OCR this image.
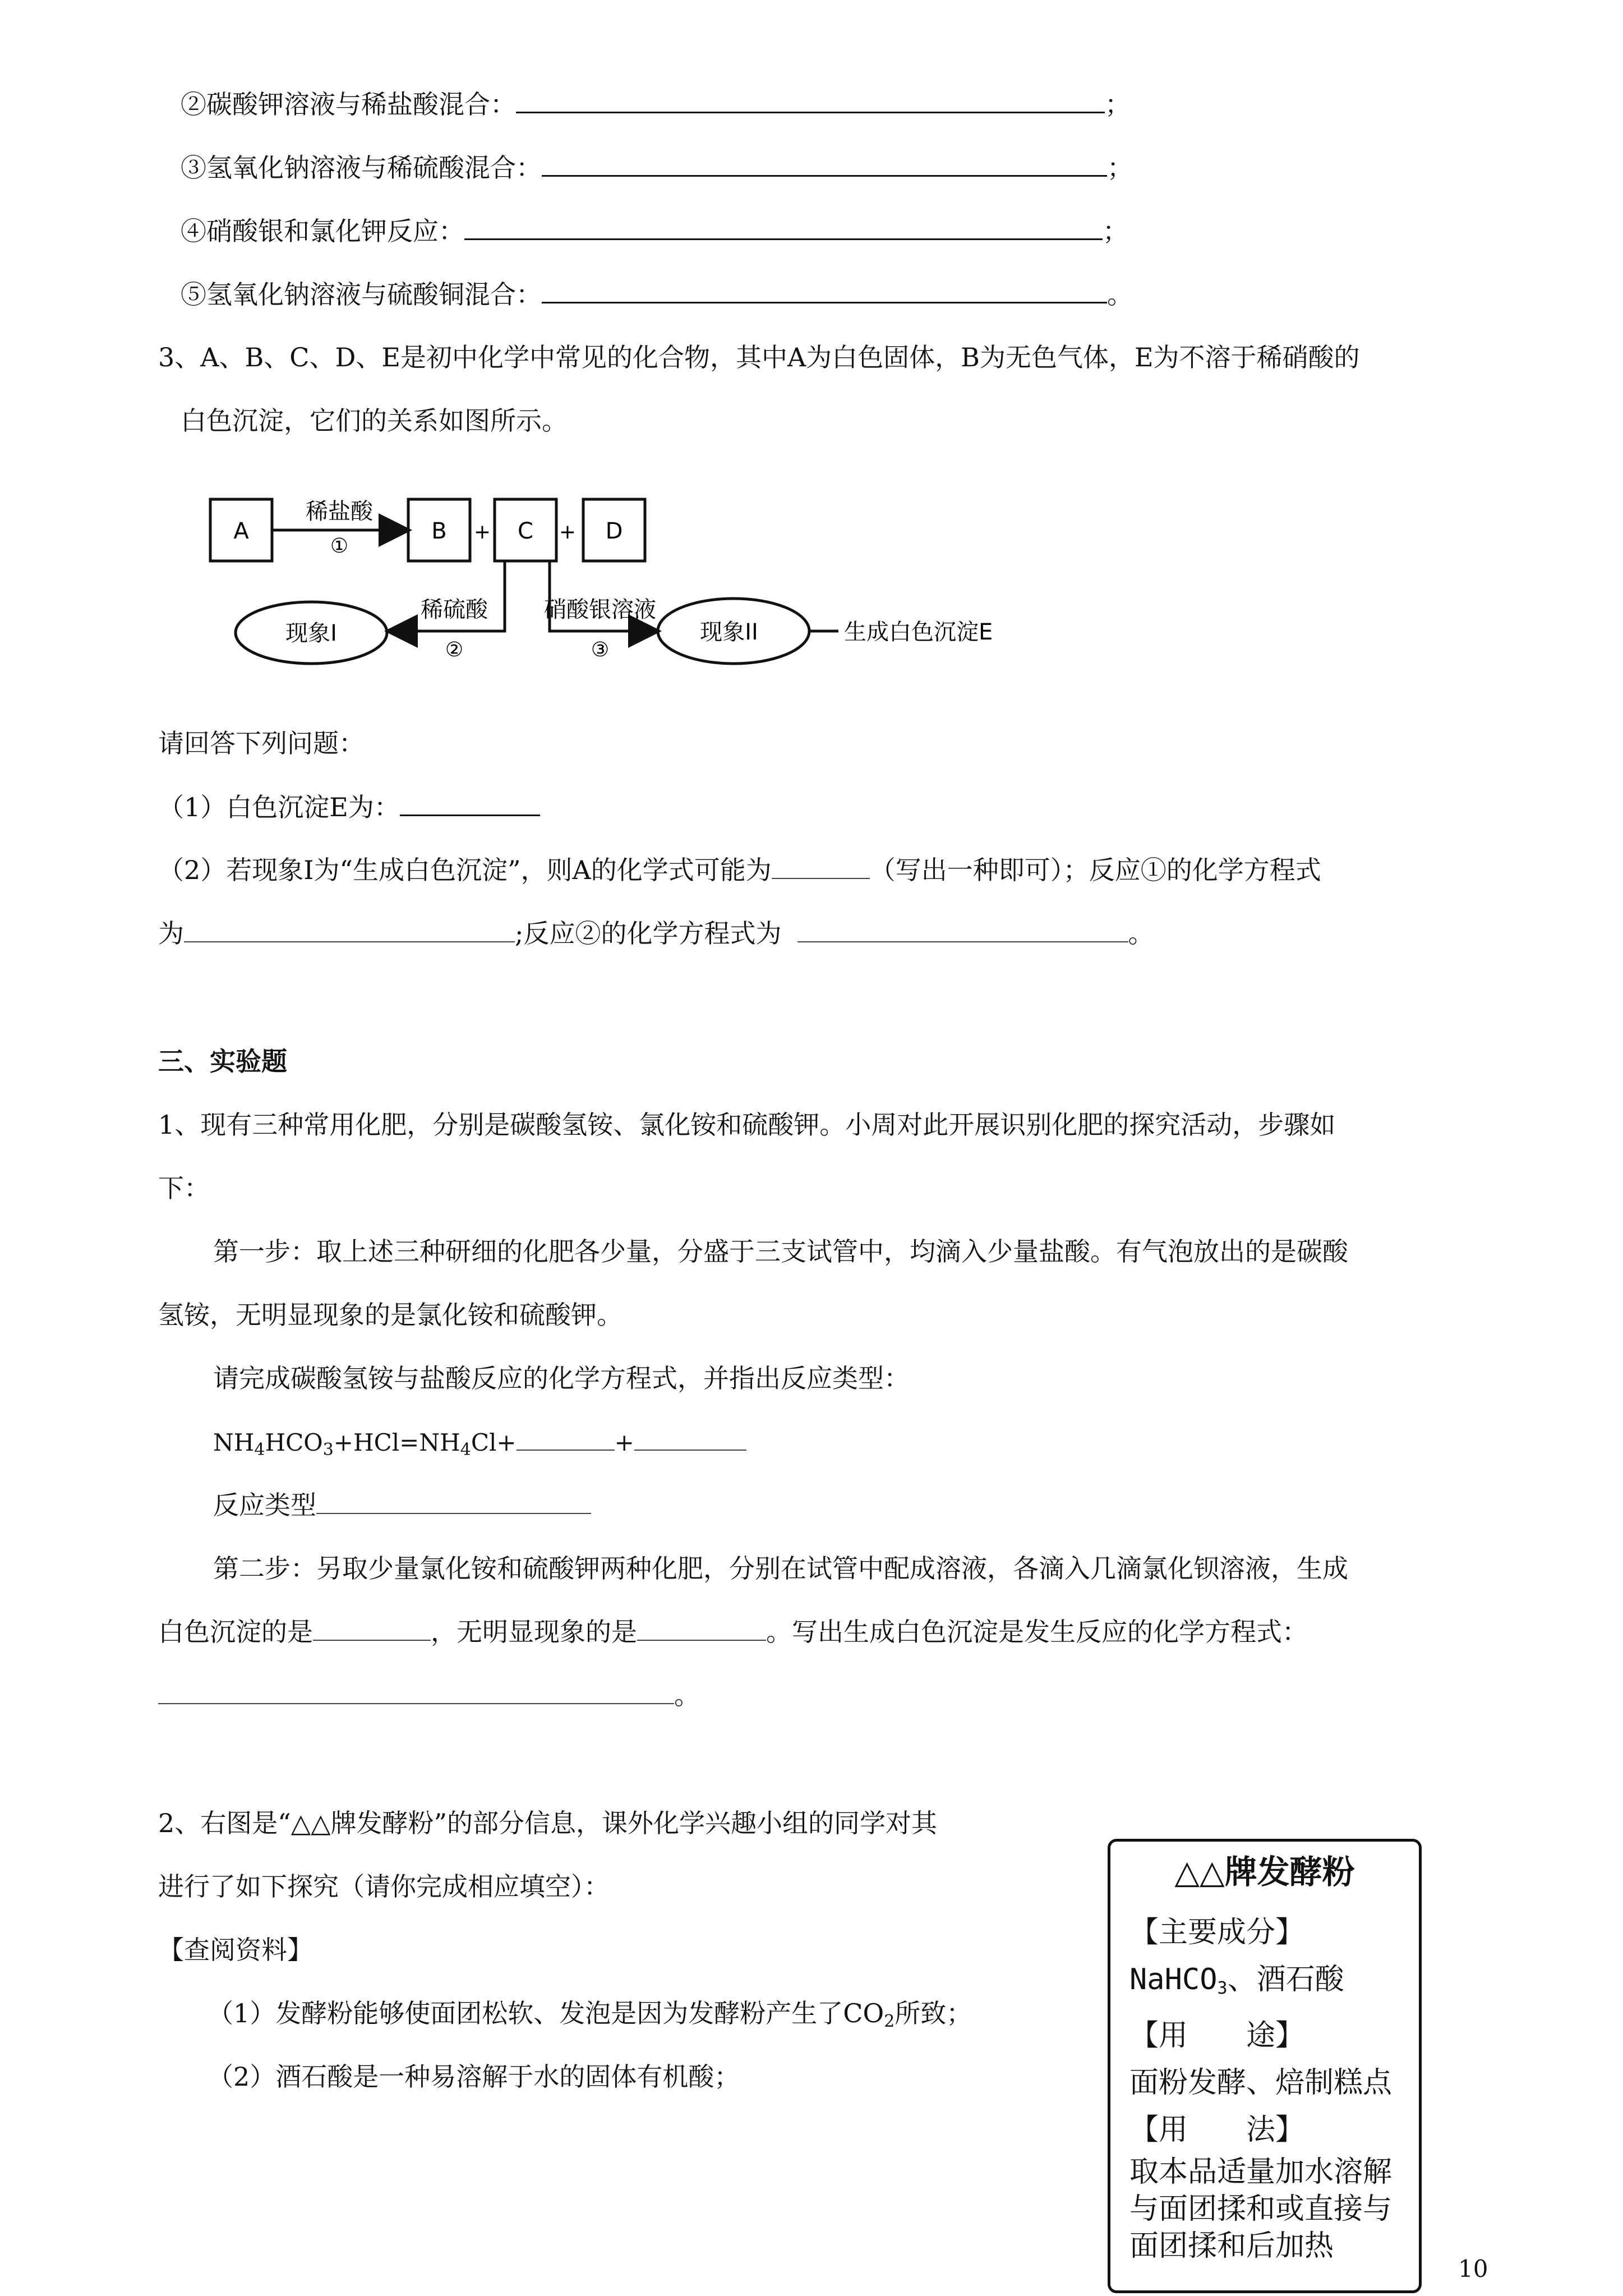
②碳酸钾溶液与稀盐酸混合：	；
③氢氧化钠溶液与稀硫酸混合：	；
④硝酸银和氯化钾反应：	；
⑤氢氧化钠溶液与硫酸铜混合：	。
3、A、B、C、D、E是初中化学中常见的化合物，其中A为白色固体，B为无色气体，E为不溶于稀硝酸的
白色沉淀，它们的关系如图所示。
A
稀盐酸
①
B + C + D
稀硫酸
②
现象I
硝酸银溶液
③
现象II	生成白色沉淀E
请回答下列问题：
（1）白色沉淀E为：
（2）若现象Ⅰ为“生成白色沉淀”，则A的化学式可能为	（写出一种即可）；反应①的化学方程式
为	;反应②的化学方程式为	。
三、实验题
1、现有三种常用化肥，分别是碳酸氢铵、氯化铵和硫酸钾。小周对此开展识别化肥的探究活动，步骤如
下：
第一步：取上述三种研细的化肥各少量，分盛于三支试管中，均滴入少量盐酸。有气泡放出的是碳酸
氢铵，无明显现象的是氯化铵和硫酸钾。
请完成碳酸氢铵与盐酸反应的化学方程式，并指出反应类型：
$NH_4HCO_3+HCl=NH_4Cl+$	+
反应类型
第二步：另取少量氯化铵和硫酸钾两种化肥，分别在试管中配成溶液，各滴入几滴氯化钡溶液，生成
白色沉淀的是	，无明显现象的是	。写出生成白色沉淀是发生反应的化学方程式：
。
2、右图是“△△牌发酵粉”的部分信息，课外化学兴趣小组的同学对其
进行了如下探究（请你完成相应填空）：
【查阅资料】
（1）发酵粉能够使面团松软、发泡是因为发酵粉产生了$CO_2$所致；
（2）酒石酸是一种易溶解于水的固体有机酸；
△△牌发酵粉
【主要成分】
NaHCO$_3$、酒石酸
【用　　途】
面粉发酵、焙制糕点
【用　　法】
取本品适量加水溶解
与面团揉和或直接与
面团揉和后加热
10
